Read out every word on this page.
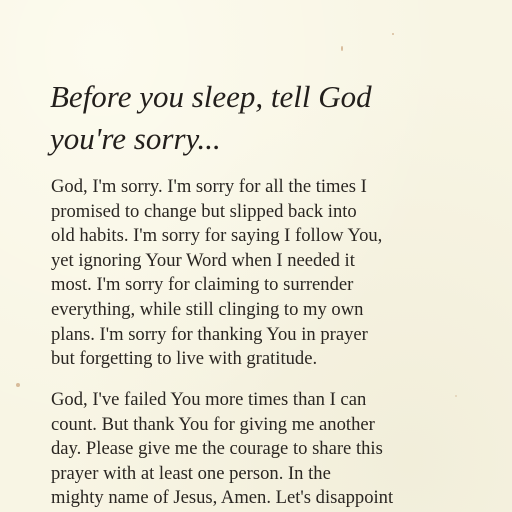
Before you sleep, tell God
you're sorry...

God, I'm sorry. I'm sorry for all the times I
promised to change but slipped back into
old habits. I'm sorry for saying I follow You,
yet ignoring Your Word when I needed it
most. I'm sorry for claiming to surrender
everything, while still clinging to my own
plans. I'm sorry for thanking You in prayer
but forgetting to live with gratitude.

God, I've failed You more times than I can
count. But thank You for giving me another
day. Please give me the courage to share this
prayer with at least one person. In the
mighty name of Jesus, Amen. Let's disappoint
